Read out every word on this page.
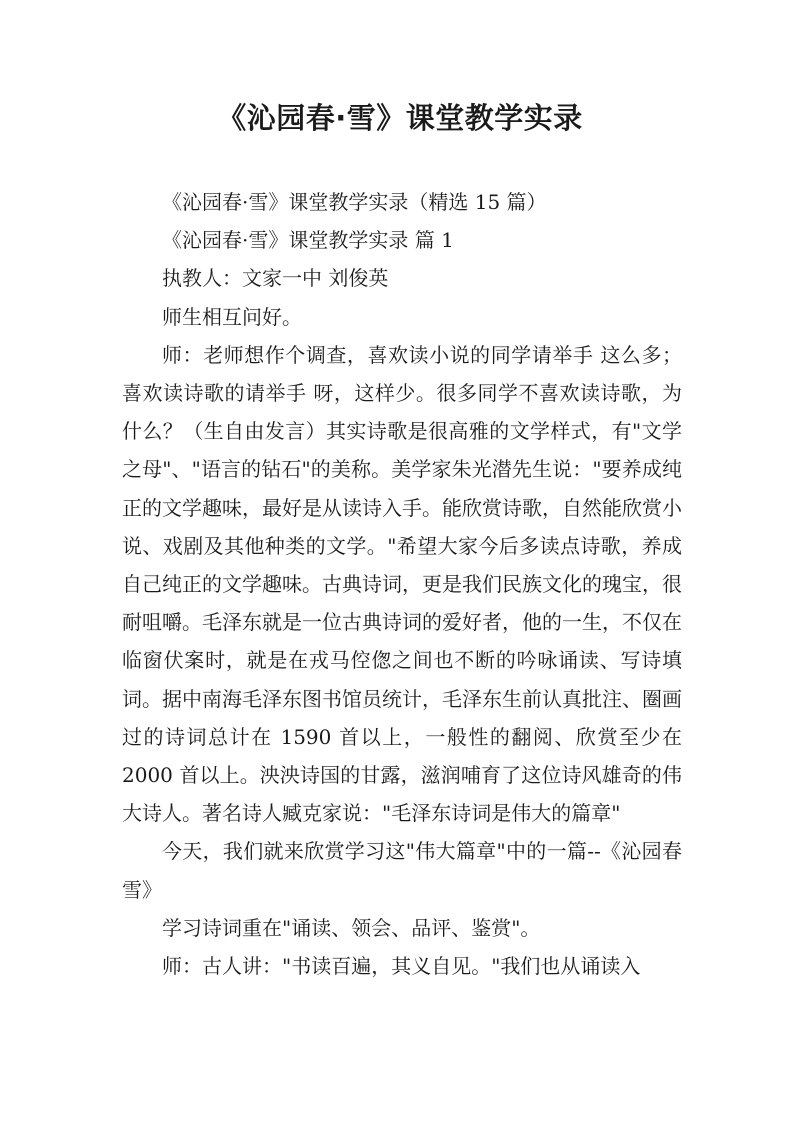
《沁园春·雪》课堂教学实录

《沁园春·雪》课堂教学实录（精选 15 篇）

《沁园春·雪》课堂教学实录 篇 1

执教人：文家一中 刘俊英

师生相互问好。

师：老师想作个调查，喜欢读小说的同学请举手 这么多；喜欢读诗歌的请举手 呀，这样少。很多同学不喜欢读诗歌，为什么？（生自由发言）其实诗歌是很高雅的文学样式，有"文学之母"、"语言的钻石"的美称。美学家朱光潜先生说："要养成纯正的文学趣味，最好是从读诗入手。能欣赏诗歌，自然能欣赏小说、戏剧及其他种类的文学。"希望大家今后多读点诗歌，养成自己纯正的文学趣味。古典诗词，更是我们民族文化的瑰宝，很耐咀嚼。毛泽东就是一位古典诗词的爱好者，他的一生，不仅在临窗伏案时，就是在戎马倥偬之间也不断的吟咏诵读、写诗填词。据中南海毛泽东图书馆员统计，毛泽东生前认真批注、圈画过的诗词总计在 1590 首以上，一般性的翻阅、欣赏至少在 2000 首以上。泱泱诗国的甘露，滋润哺育了这位诗风雄奇的伟大诗人。著名诗人臧克家说："毛泽东诗词是伟大的篇章"

今天，我们就来欣赏学习这"伟大篇章"中的一篇--《沁园春 雪》

学习诗词重在"诵读、领会、品评、鉴赏"。

师：古人讲："书读百遍，其义自见。"我们也从诵读入
